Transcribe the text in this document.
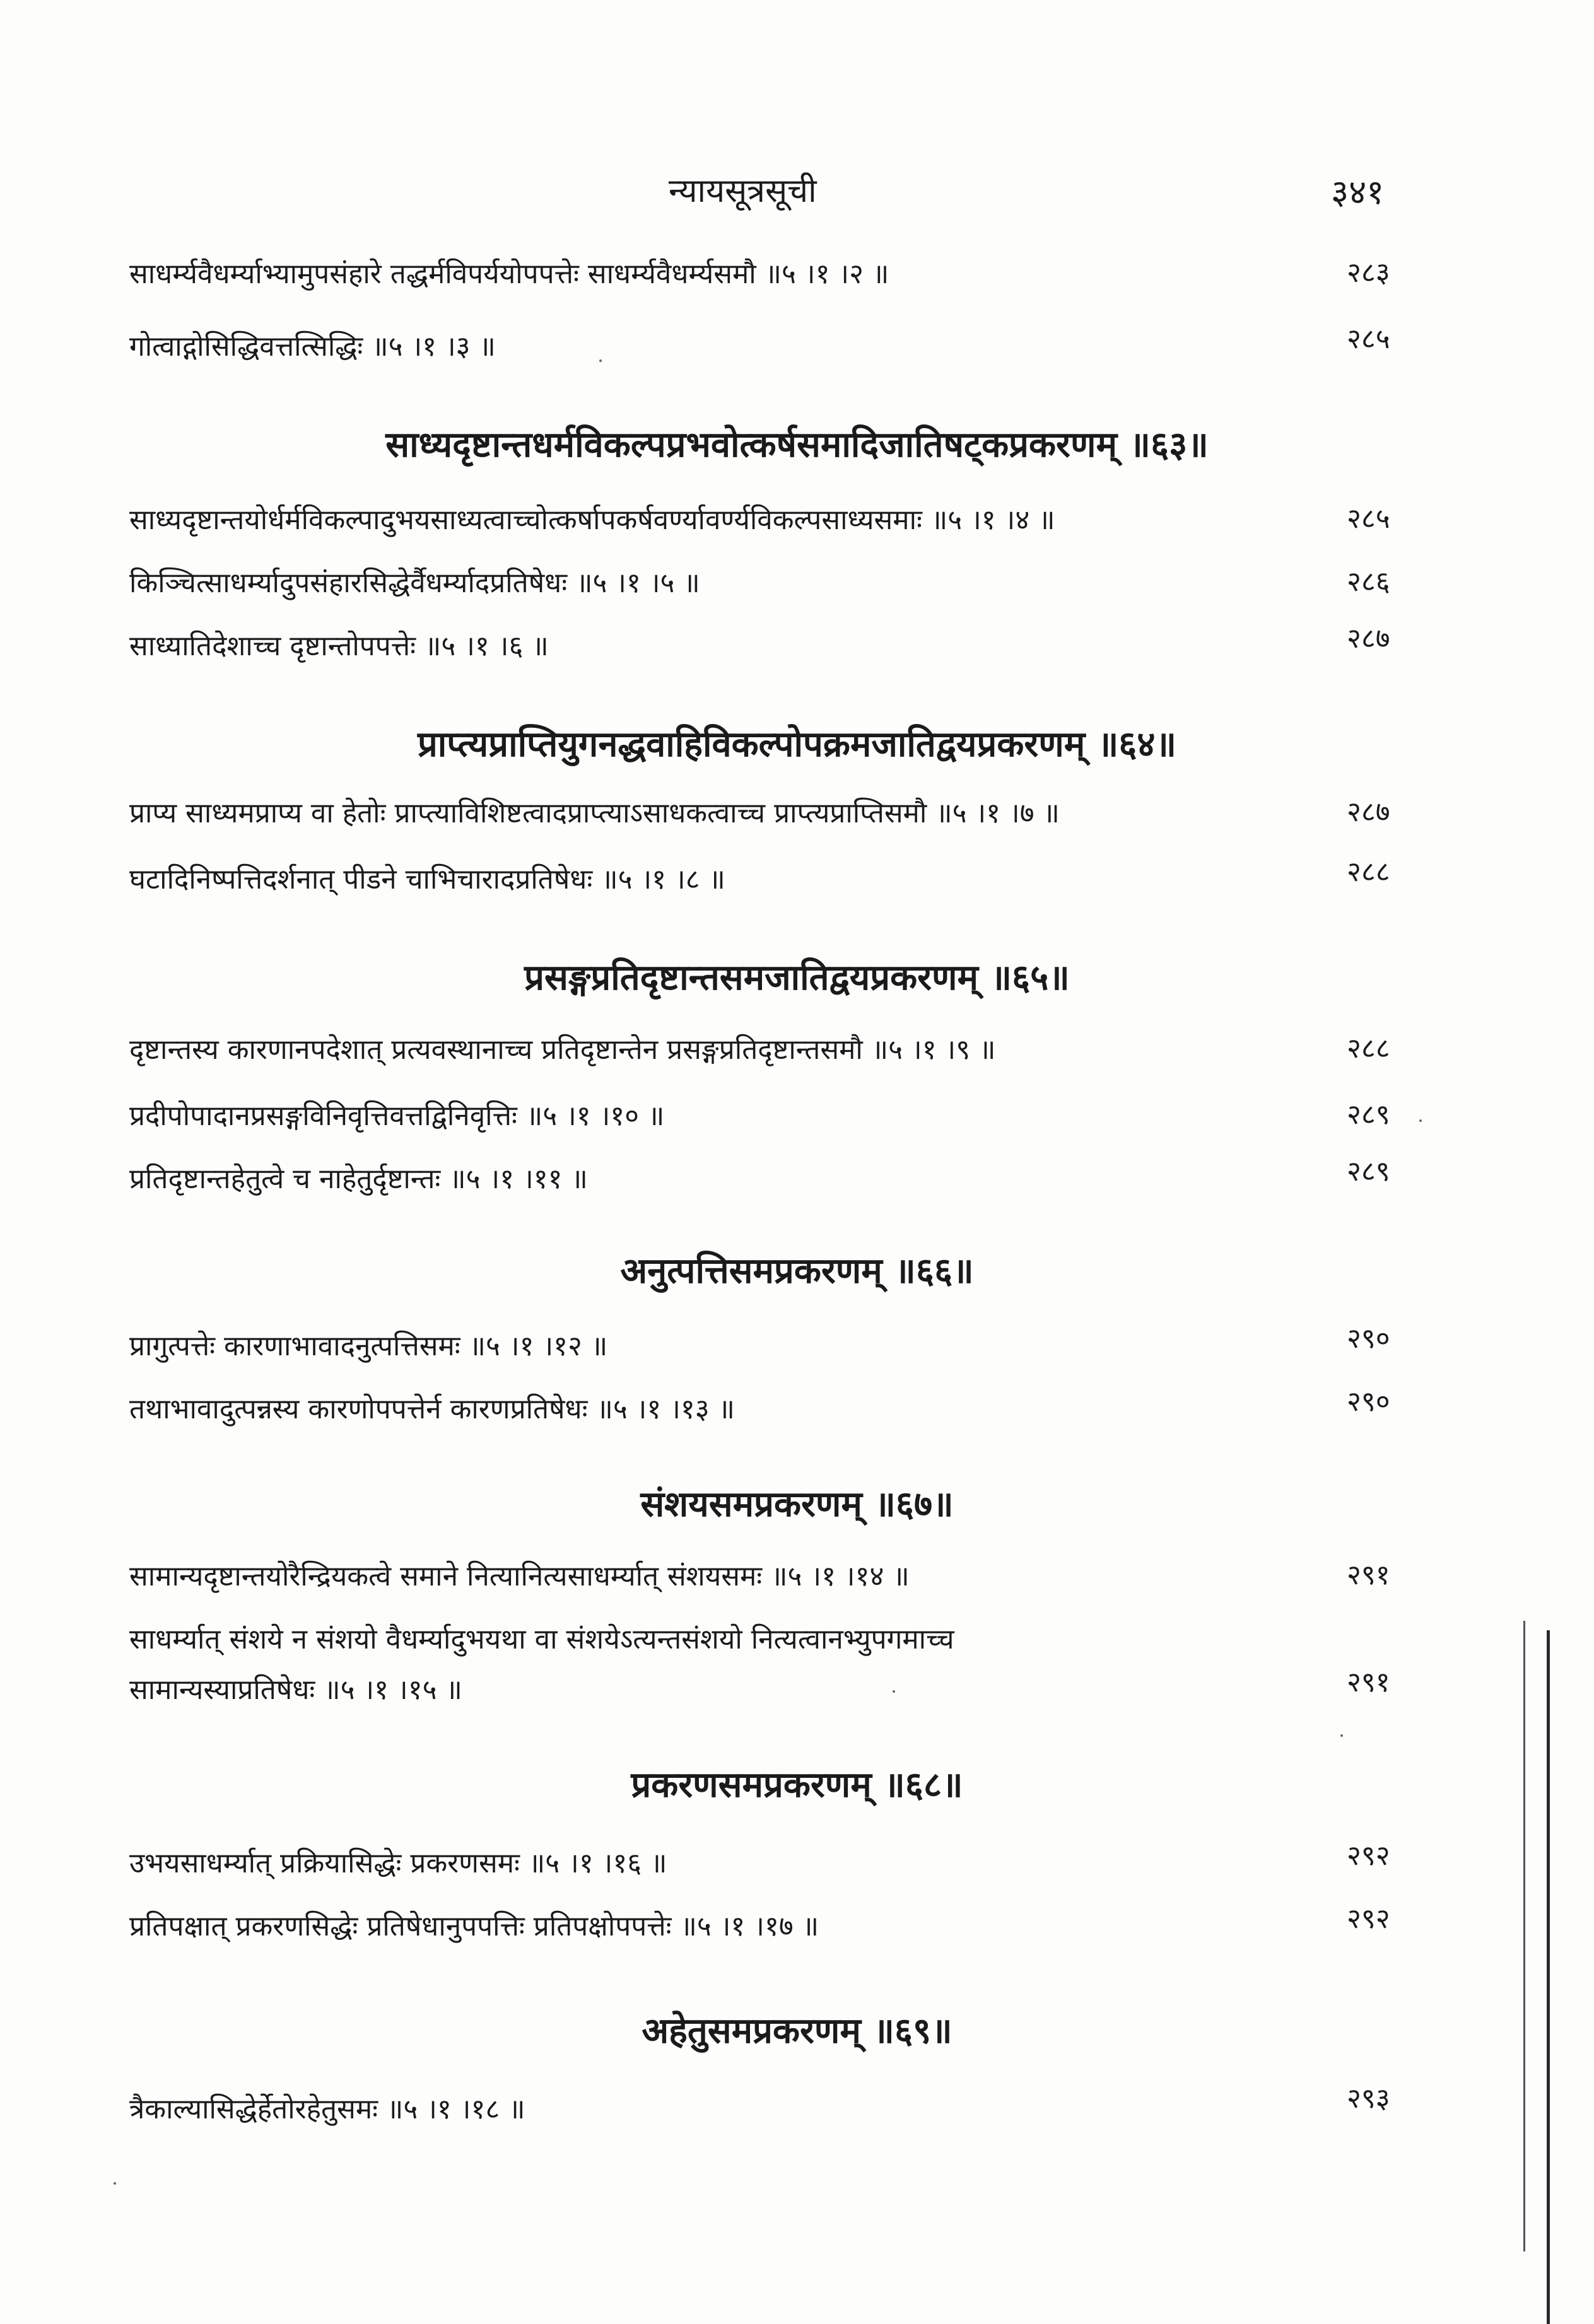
न्यायसूत्रसूची	३४१
साधर्म्यवैधर्म्याभ्यामुपसंहारे तद्धर्मविपर्ययोपपत्तेः साधर्म्यवैधर्म्यसमौ ॥५ ।१ ।२ ॥	२८३
गोत्वाद्गोसिद्धिवत्तत्सिद्धिः ॥५ ।१ ।३ ॥	२८५
साध्यदृष्टान्तधर्मविकल्पप्रभवोत्कर्षसमादिजातिषट्कप्रकरणम् ॥६३॥
साध्यदृष्टान्तयोर्धर्मविकल्पादुभयसाध्यत्वाच्चोत्कर्षापकर्षवर्ण्यावर्ण्यविकल्पसाध्यसमाः ॥५ ।१ ।४ ॥	२८५
किञ्चित्साधर्म्यादुपसंहारसिद्धेर्वैधर्म्यादप्रतिषेधः ॥५ ।१ ।५ ॥	२८६
साध्यातिदेशाच्च दृष्टान्तोपपत्तेः ॥५ ।१ ।६ ॥	२८७
प्राप्त्यप्राप्तियुगनद्धवाहिविकल्पोपक्रमजातिद्वयप्रकरणम् ॥६४॥
प्राप्य साध्यमप्राप्य वा हेतोः प्राप्त्याविशिष्टत्वादप्राप्त्याऽसाधकत्वाच्च प्राप्त्यप्राप्तिसमौ ॥५ ।१ ।७ ॥	२८७
घटादिनिष्पत्तिदर्शनात् पीडने चाभिचारादप्रतिषेधः ॥५ ।१ ।८ ॥	२८८
प्रसङ्गप्रतिदृष्टान्तसमजातिद्वयप्रकरणम् ॥६५॥
दृष्टान्तस्य कारणानपदेशात् प्रत्यवस्थानाच्च प्रतिदृष्टान्तेन प्रसङ्गप्रतिदृष्टान्तसमौ ॥५ ।१ ।९ ॥	२८८
प्रदीपोपादानप्रसङ्गविनिवृत्तिवत्तद्विनिवृत्तिः ॥५ ।१ ।१० ॥	२८९
प्रतिदृष्टान्तहेतुत्वे च नाहेतुर्दृष्टान्तः ॥५ ।१ ।११ ॥	२८९
अनुत्पत्तिसमप्रकरणम् ॥६६॥
प्रागुत्पत्तेः कारणाभावादनुत्पत्तिसमः ॥५ ।१ ।१२ ॥	२९०
तथाभावादुत्पन्नस्य कारणोपपत्तेर्न कारणप्रतिषेधः ॥५ ।१ ।१३ ॥	२९०
संशयसमप्रकरणम् ॥६७॥
सामान्यदृष्टान्तयोरैन्द्रियकत्वे समाने नित्यानित्यसाधर्म्यात् संशयसमः ॥५ ।१ ।१४ ॥	२९१
साधर्म्यात् संशये न संशयो वैधर्म्यादुभयथा वा संशयेऽत्यन्तसंशयो नित्यत्वानभ्युपगमाच्च
सामान्यस्याप्रतिषेधः ॥५ ।१ ।१५ ॥	२९१
प्रकरणसमप्रकरणम् ॥६८॥
उभयसाधर्म्यात् प्रक्रियासिद्धेः प्रकरणसमः ॥५ ।१ ।१६ ॥	२९२
प्रतिपक्षात् प्रकरणसिद्धेः प्रतिषेधानुपपत्तिः प्रतिपक्षोपपत्तेः ॥५ ।१ ।१७ ॥	२९२
अहेतुसमप्रकरणम् ॥६९॥
त्रैकाल्यासिद्धेर्हेतोरहेतुसमः ॥५ ।१ ।१८ ॥	२९३
